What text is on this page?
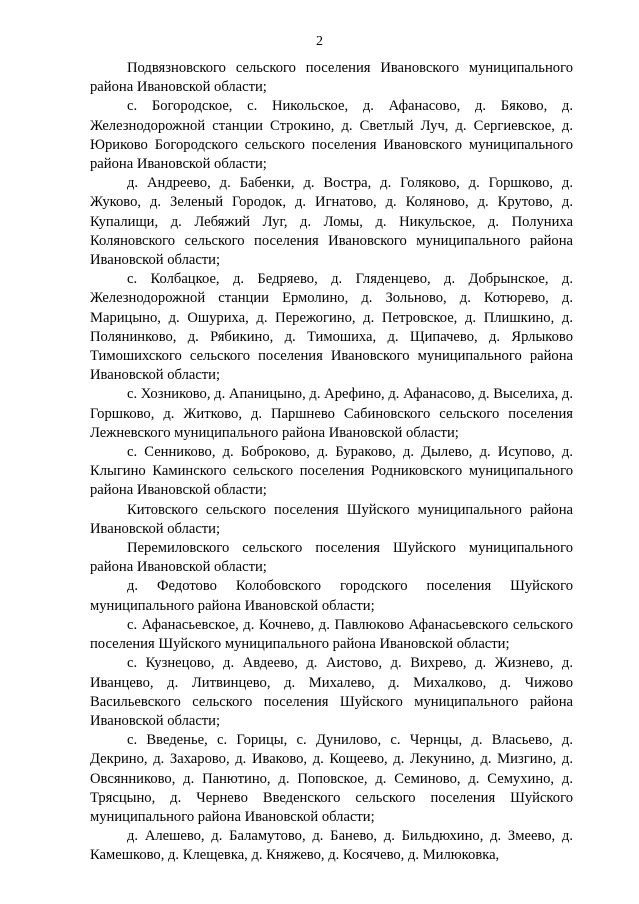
2

Подвязновского сельского поселения Ивановского муниципального района Ивановской области;

с. Богородское, с. Никольское, д. Афанасово, д. Бяково, д. Железнодорожной станции Строкино, д. Светлый Луч, д. Сергиевское, д. Юриково Богородского сельского поселения Ивановского муниципального района Ивановской области;

д. Андреево, д. Бабенки, д. Востра, д. Голяково, д. Горшково, д. Жуково, д. Зеленый Городок, д. Игнатово, д. Коляново, д. Крутово, д. Купалищи, д. Лебяжий Луг, д. Ломы, д. Никульское, д. Полуниха Коляновского сельского поселения Ивановского муниципального района Ивановской области;

с. Колбацкое, д. Бедряево, д. Гляденцево, д. Добрынское, д. Железнодорожной станции Ермолино, д. Зольново, д. Котюрево, д. Марицыно, д. Ошуриха, д. Пережогино, д. Петровское, д. Плишкино, д. Полянинково, д. Рябикинo, д. Тимошиха, д. Щипачево, д. Ярлыково Тимошихского сельского поселения Ивановского муниципального района Ивановской области;

с. Хозниково, д. Апаницыно, д. Арефино, д. Афанасово, д. Выселиха, д. Горшково, д. Житково, д. Паршнево Сабиновского сельского поселения Лежневского муниципального района Ивановской области;

с. Сенниково, д. Боброково, д. Бураково, д. Дылево, д. Исупово, д. Клыгино Каминского сельского поселения Родниковского муниципального района Ивановской области;

Китовского сельского поселения Шуйского муниципального района Ивановской области;

Перемиловского сельского поселения Шуйского муниципального района Ивановской области;

д. Федотово Колобовского городского поселения Шуйского муниципального района Ивановской области;

с. Афанасьевское, д. Кочнево, д. Павлюково Афанасьевского сельского поселения Шуйского муниципального района Ивановской области;

с. Кузнецово, д. Авдеево, д. Аистово, д. Вихрево, д. Жизнево, д. Иванцево, д. Литвинцево, д. Михалево, д. Михалково, д. Чижово Васильевского сельского поселения Шуйского муниципального района Ивановской области;

с. Введенье, с. Горицы, с. Дунилово, с. Чернцы, д. Власьево, д. Декрино, д. Захарово, д. Иваково, д. Кощеево, д. Лекунино, д. Мизгино, д. Овсянниково, д. Панютино, д. Поповское, д. Семиново, д. Семухино, д. Трясцыно, д. Чернево Введенского сельского поселения Шуйского муниципального района Ивановской области;

д. Алешево, д. Баламутово, д. Банево, д. Бильдюхино, д. Змеево, д. Камешково, д. Клещевка, д. Княжево, д. Косячево, д. Милюковка,
